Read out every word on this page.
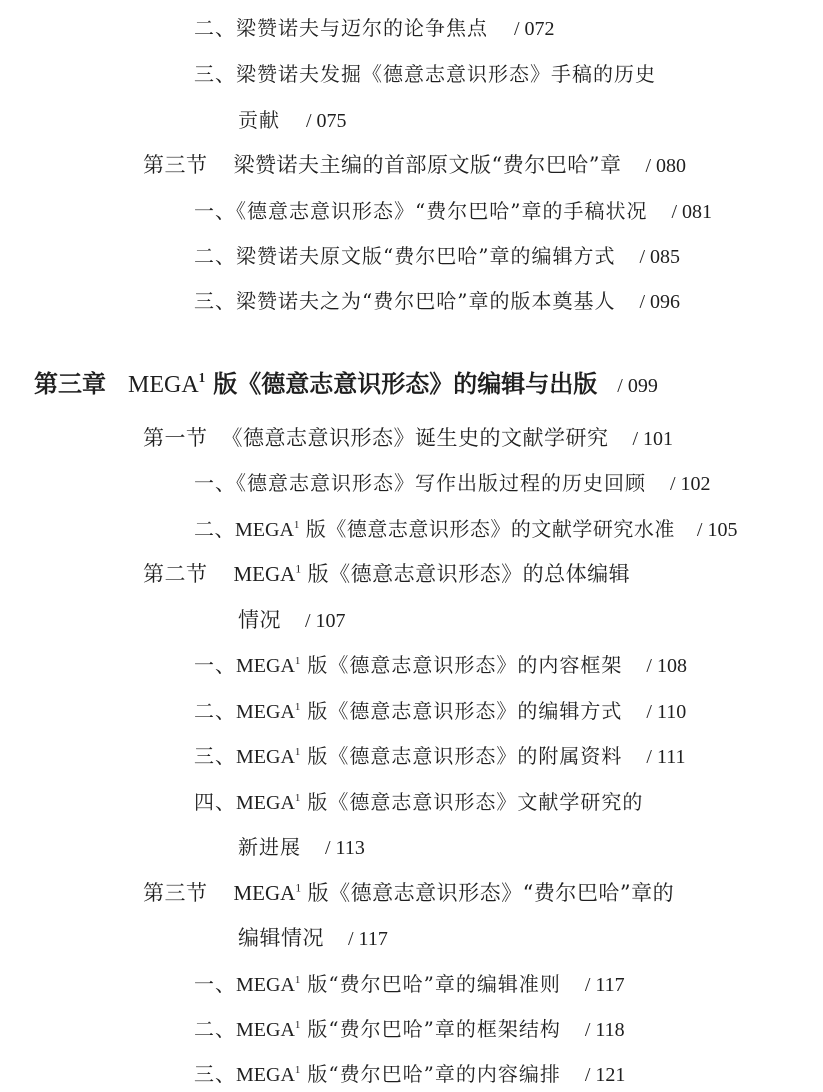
二、梁赞诺夫与迈尔的论争焦点 / 072
三、梁赞诺夫发掘《德意志意识形态》手稿的历史
贡献 / 075
第三节 梁赞诺夫主编的首部原文版“费尔巴哈”章 / 080
一、《德意志意识形态》“费尔巴哈”章的手稿状况 / 081
二、梁赞诺夫原文版“费尔巴哈”章的编辑方式 / 085
三、梁赞诺夫之为“费尔巴哈”章的版本奠基人 / 096
第三章 MEGA$^1$ 版《德意志意识形态》的编辑与出版 / 099
第一节 《德意志意识形态》诞生史的文献学研究 / 101
一、《德意志意识形态》写作出版过程的历史回顾 / 102
二、MEGA$^1$ 版《德意志意识形态》的文献学研究水准 / 105
第二节 MEGA$^1$ 版《德意志意识形态》的总体编辑
情况 / 107
一、MEGA$^1$ 版《德意志意识形态》的内容框架 / 108
二、MEGA$^1$ 版《德意志意识形态》的编辑方式 / 110
三、MEGA$^1$ 版《德意志意识形态》的附属资料 / 111
四、MEGA$^1$ 版《德意志意识形态》文献学研究的
新进展 / 113
第三节 MEGA$^1$ 版《德意志意识形态》“费尔巴哈”章的
编辑情况 / 117
一、MEGA$^1$ 版“费尔巴哈”章的编辑准则 / 117
二、MEGA$^1$ 版“费尔巴哈”章的框架结构 / 118
三、MEGA$^1$ 版“费尔巴哈”章的内容编排 / 121
